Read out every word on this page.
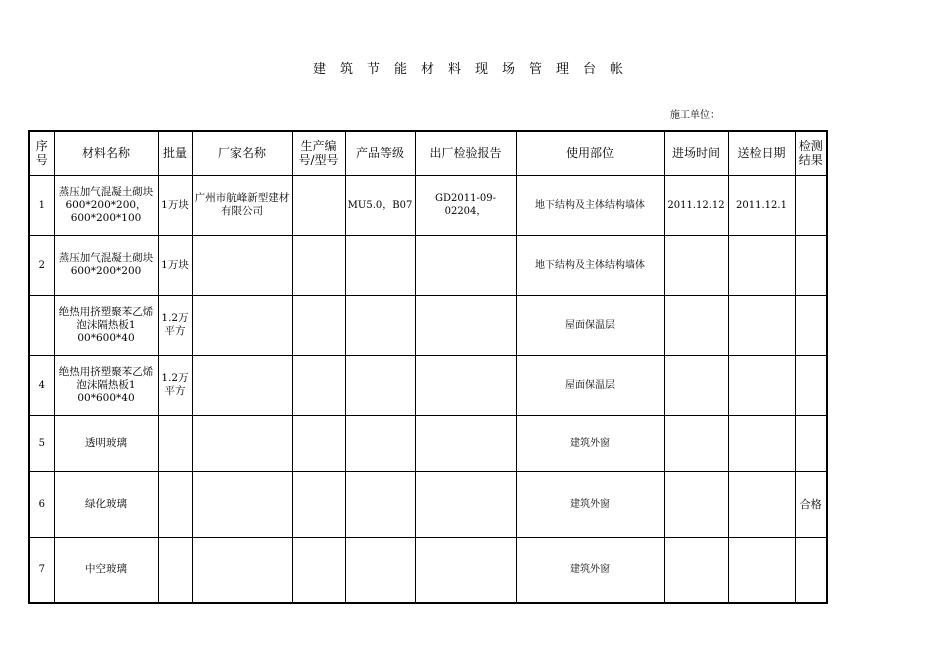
建筑节能材料现场管理台帐
施工单位：
序号	材料名称	批量	厂家名称	生产编号/型号	产品等级	出厂检验报告	使用部位	进场时间	送检日期	检测结果
1	蒸压加气混凝土砌块600*200*200，600*200*100	1万块	广州市航峰新型建材有限公司		MU5.0，B07	GD2011-09-02204，	地下结构及主体结构墙体	2011.12.12	2011.12.1	
2	蒸压加气混凝土砌块600*200*200	1万块					地下结构及主体结构墙体			
	绝热用挤塑聚苯乙烯泡沫隔热板1　00*600*40	1.2万平方					屋面保温层			
4	绝热用挤塑聚苯乙烯泡沫隔热板1　00*600*40	1.2万平方					屋面保温层			
5	透明玻璃						建筑外窗			
6	绿化玻璃						建筑外窗			合格
7	中空玻璃						建筑外窗			
